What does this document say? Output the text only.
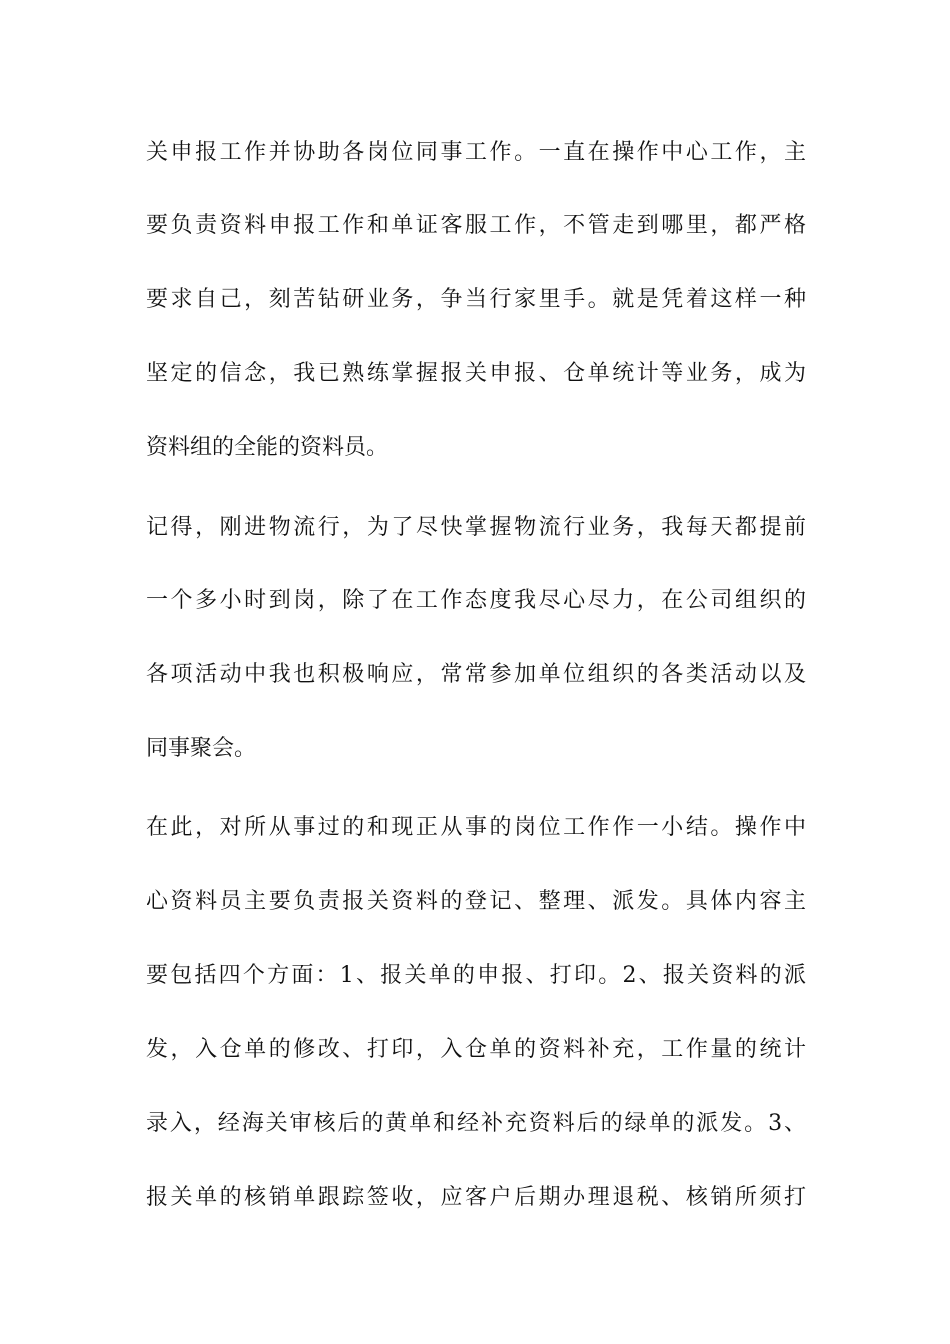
关申报工作并协助各岗位同事工作。一直在操作中心工作，主
要负责资料申报工作和单证客服工作，不管走到哪里，都严格
要求自己，刻苦钻研业务，争当行家里手。就是凭着这样一种
坚定的信念，我已熟练掌握报关申报、仓单统计等业务，成为
资料组的全能的资料员。
记得，刚进物流行，为了尽快掌握物流行业务，我每天都提前
一个多小时到岗，除了在工作态度我尽心尽力，在公司组织的
各项活动中我也积极响应，常常参加单位组织的各类活动以及
同事聚会。
在此，对所从事过的和现正从事的岗位工作作一小结。操作中
心资料员主要负责报关资料的登记、整理、派发。具体内容主
要包括四个方面：1、报关单的申报、打印。2、报关资料的派
发，入仓单的修改、打印，入仓单的资料补充，工作量的统计
录入，经海关审核后的黄单和经补充资料后的绿单的派发。3、
报关单的核销单跟踪签收，应客户后期办理退税、核销所须打
